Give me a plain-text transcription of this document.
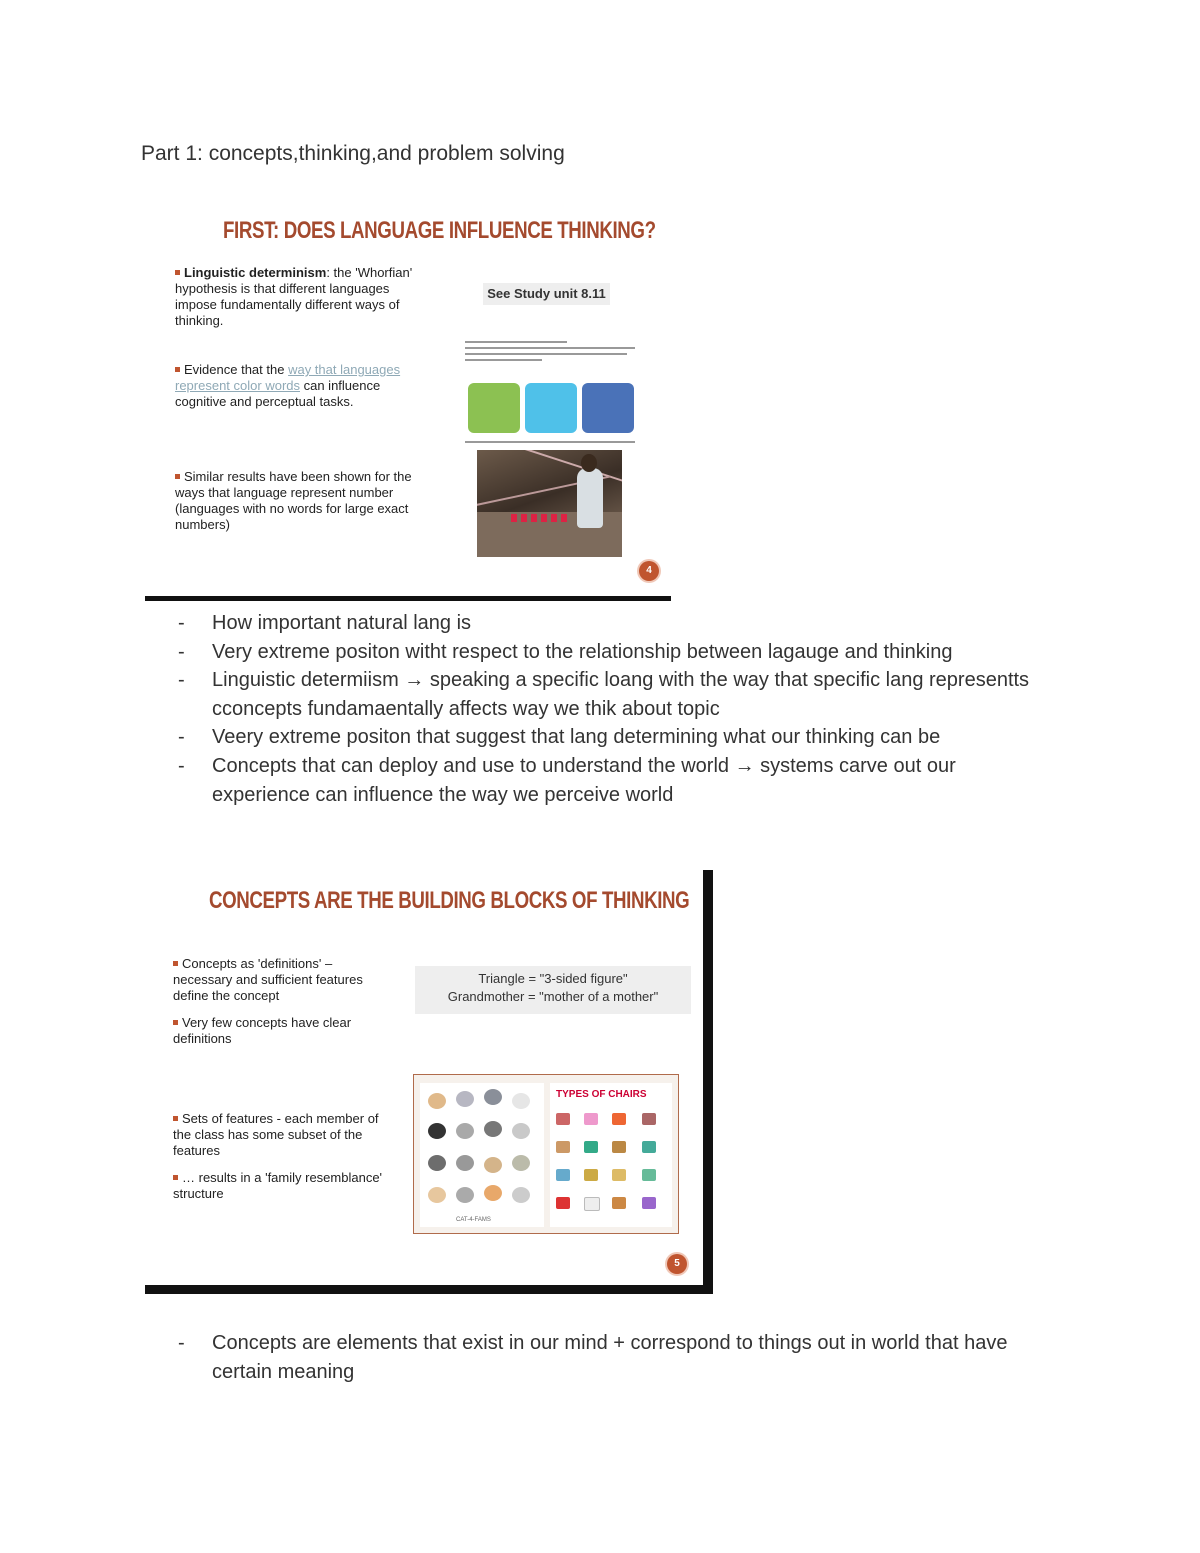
Part 1: concepts,thinking,and problem solving
FIRST: DOES LANGUAGE INFLUENCE THINKING?
Linguistic determinism: the 'Whorfian' hypothesis is that different languages impose fundamentally different ways of thinking.
Evidence that the way that languages represent color words can influence cognitive and perceptual tasks.
Similar results have been shown for the ways that language represent number (languages with no words for large exact numbers)
See Study unit 8.11
4
- How important natural lang is
- Very extreme positon witht respect to the relationship between lagauge and thinking
- Linguistic determiism → speaking a specific loang with the way that specific lang representts cconcepts fundamaentally affects way we thik about topic
- Veery extreme positon that suggest that lang determining what our thinking can be
- Concepts that can deploy and use to understand the world → systems carve out our experience can influence the way we perceive world
CONCEPTS ARE THE BUILDING BLOCKS OF THINKING
Concepts as 'definitions' – necessary and sufficient features define the concept
Very few concepts have clear definitions
Sets of features - each member of the class has some subset of the features
… results in a 'family resemblance' structure
Triangle = "3-sided figure"
Grandmother = "mother of a mother"
CAT-4-FAMS
TYPES OF CHAIRS
5
- Concepts are elements that exist in our mind + correspond to things out in world that have certain meaning
